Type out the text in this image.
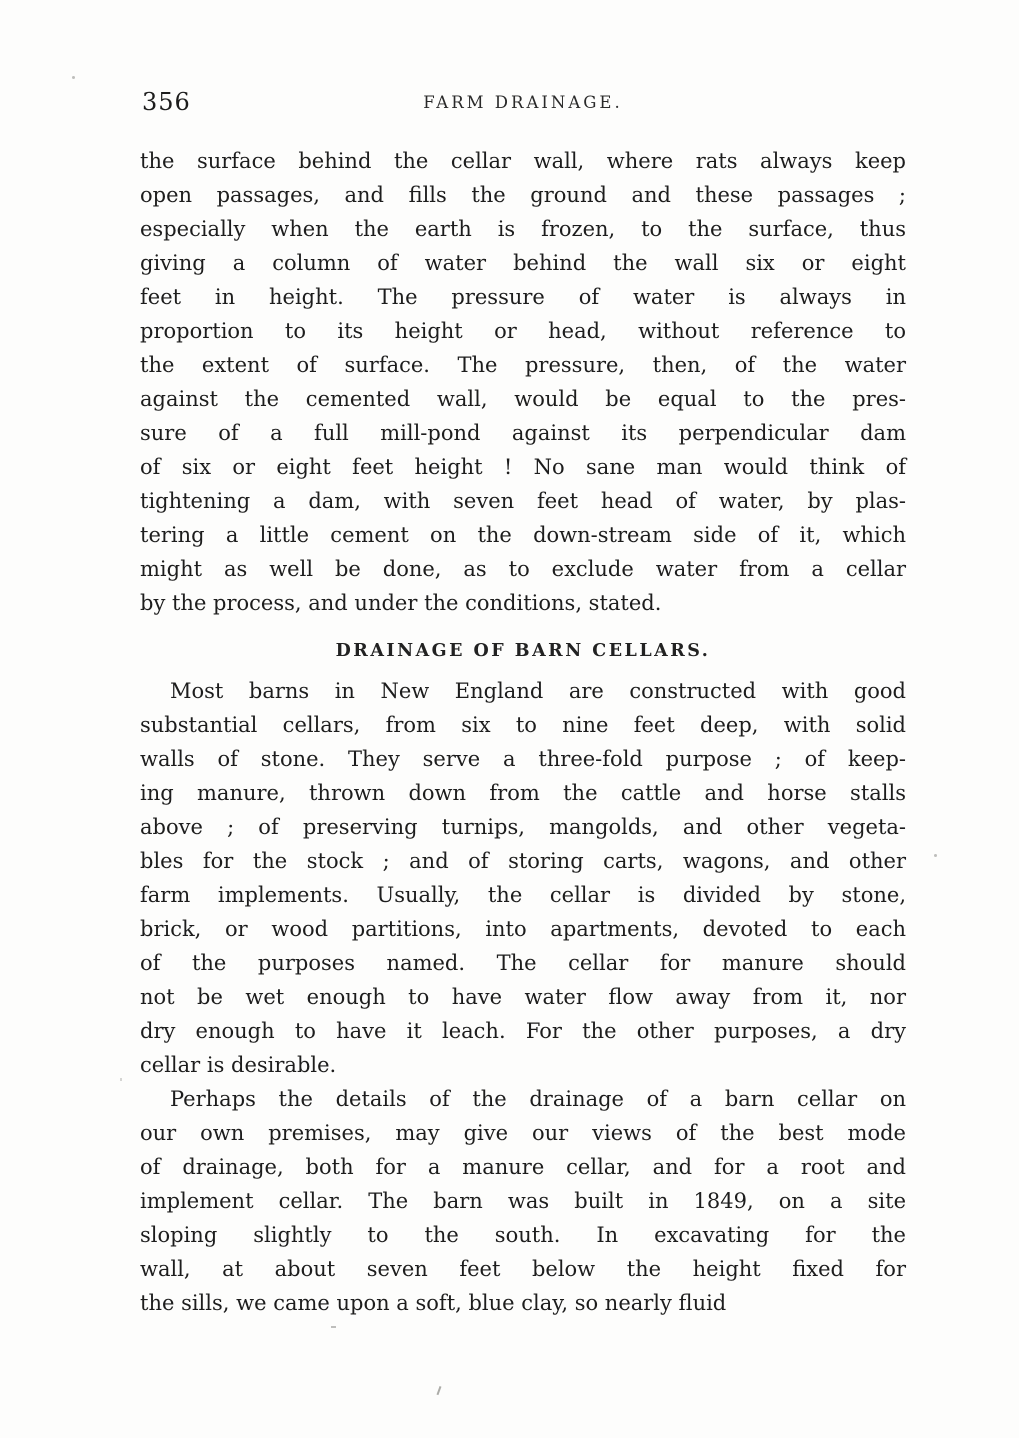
356	FARM DRAINAGE.
the surface behind the cellar wall, where rats always keep
open passages, and fills the ground and these passages ;
especially when the earth is frozen, to the surface, thus
giving a column of water behind the wall six or eight
feet in height. The pressure of water is always in
proportion to its height or head, without reference to
the extent of surface. The pressure, then, of the water
against the cemented wall, would be equal to the pres-
sure of a full mill-pond against its perpendicular dam
of six or eight feet height ! No sane man would think of
tightening a dam, with seven feet head of water, by plas-
tering a little cement on the down-stream side of it, which
might as well be done, as to exclude water from a cellar
by the process, and under the conditions, stated.
DRAINAGE OF BARN CELLARS.
Most barns in New England are constructed with good
substantial cellars, from six to nine feet deep, with solid
walls of stone. They serve a three-fold purpose ; of keep-
ing manure, thrown down from the cattle and horse stalls
above ; of preserving turnips, mangolds, and other vegeta-
bles for the stock ; and of storing carts, wagons, and other
farm implements. Usually, the cellar is divided by stone,
brick, or wood partitions, into apartments, devoted to each
of the purposes named. The cellar for manure should
not be wet enough to have water flow away from it, nor
dry enough to have it leach. For the other purposes, a dry
cellar is desirable.
Perhaps the details of the drainage of a barn cellar on
our own premises, may give our views of the best mode
of drainage, both for a manure cellar, and for a root and
implement cellar. The barn was built in 1849, on a site
sloping slightly to the south. In excavating for the
wall, at about seven feet below the height fixed for
the sills, we came upon a soft, blue clay, so nearly fluid
